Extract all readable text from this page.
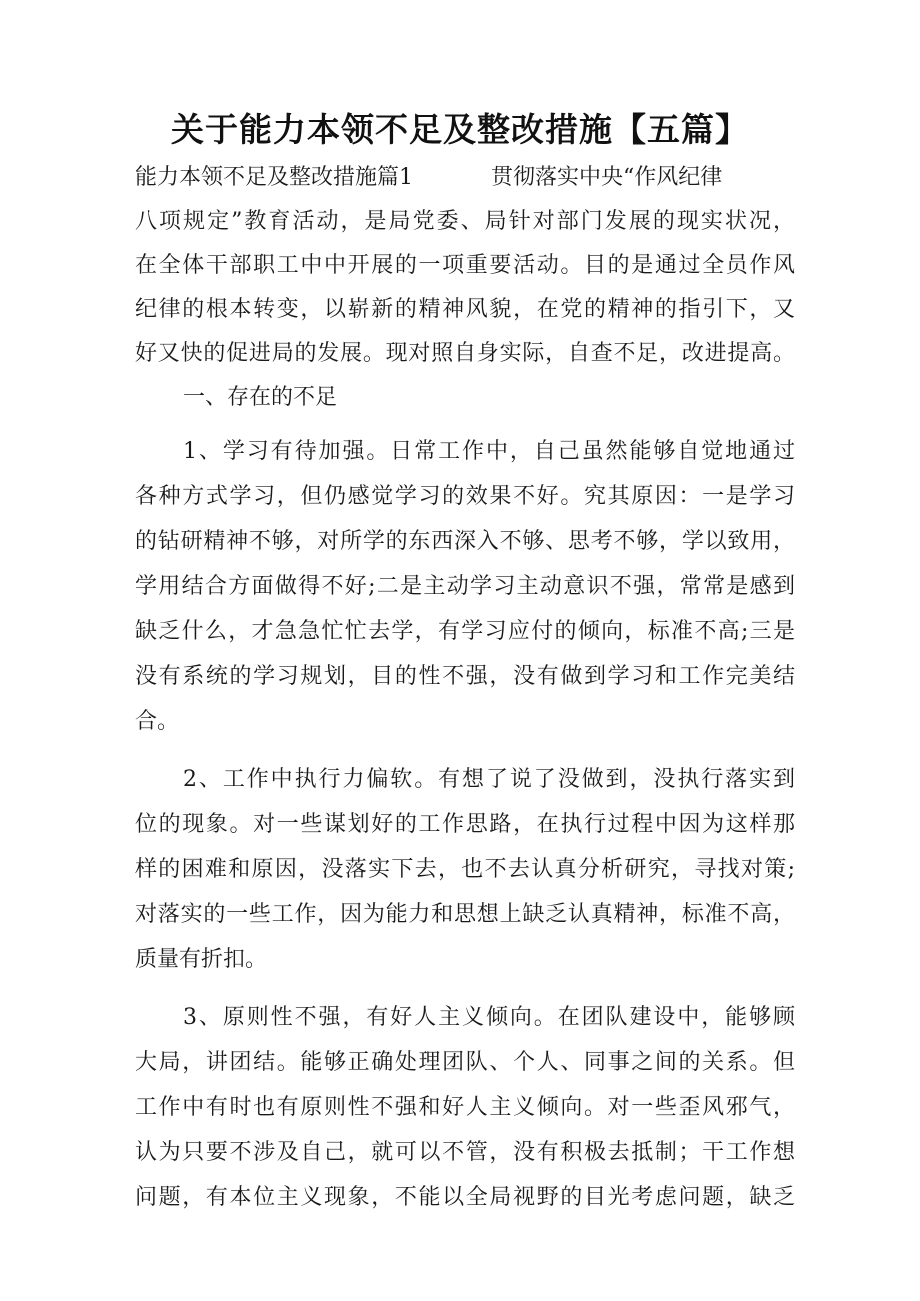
关于能力本领不足及整改措施【五篇】
能力本领不足及整改措施篇1	贯彻落实中央“作风纪律
八项规定”教育活动，是局党委、局针对部门发展的现实状况，
在全体干部职工中中开展的一项重要活动。目的是通过全员作风
纪律的根本转变，以崭新的精神风貌，在党的精神的指引下，又
好又快的促进局的发展。现对照自身实际，自查不足，改进提高。
一、存在的不足
1、学习有待加强。日常工作中，自己虽然能够自觉地通过
各种方式学习，但仍感觉学习的效果不好。究其原因：一是学习
的钻研精神不够，对所学的东西深入不够、思考不够，学以致用，
学用结合方面做得不好;二是主动学习主动意识不强，常常是感到
缺乏什么，才急急忙忙去学，有学习应付的倾向，标准不高;三是
没有系统的学习规划，目的性不强，没有做到学习和工作完美结
合。
2、工作中执行力偏软。有想了说了没做到，没执行落实到
位的现象。对一些谋划好的工作思路，在执行过程中因为这样那
样的困难和原因，没落实下去，也不去认真分析研究，寻找对策;
对落实的一些工作，因为能力和思想上缺乏认真精神，标准不高，
质量有折扣。
3、原则性不强，有好人主义倾向。在团队建设中，能够顾
大局，讲团结。能够正确处理团队、个人、同事之间的关系。但
工作中有时也有原则性不强和好人主义倾向。对一些歪风邪气，
认为只要不涉及自己，就可以不管，没有积极去抵制；干工作想
问题，有本位主义现象，不能以全局视野的目光考虑问题，缺乏
